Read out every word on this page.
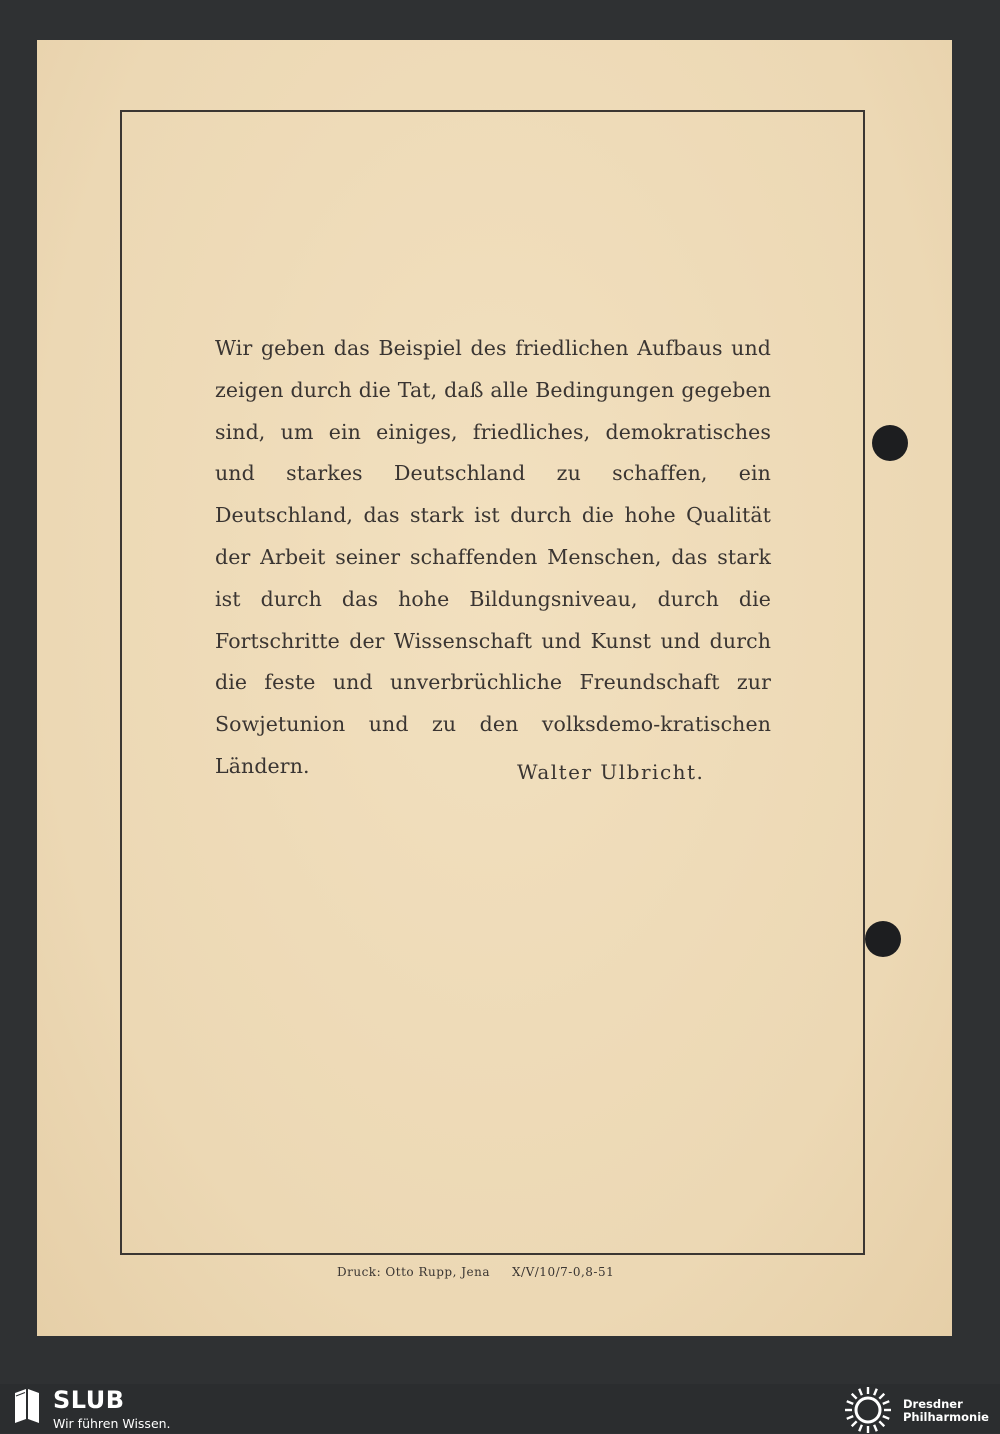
Wir geben das Beispiel des friedlichen Aufbaus und zeigen durch die Tat, daß alle Bedingungen gegeben sind, um ein einiges, friedliches, demokratisches und starkes Deutschland zu schaffen, ein Deutschland, das stark ist durch die hohe Qualität der Arbeit seiner schaffenden Menschen, das stark ist durch das hohe Bildungsniveau, durch die Fortschritte der Wissenschaft und Kunst und durch die feste und unverbrüchliche Freundschaft zur Sowjetunion und zu den volksdemo-kratischen Ländern.	Walter Ulbricht.

Druck: Otto Rupp, Jena X/V/10/7-0,8-51

SLUB
Wir führen Wissen.
Dresdner
Philharmonie
